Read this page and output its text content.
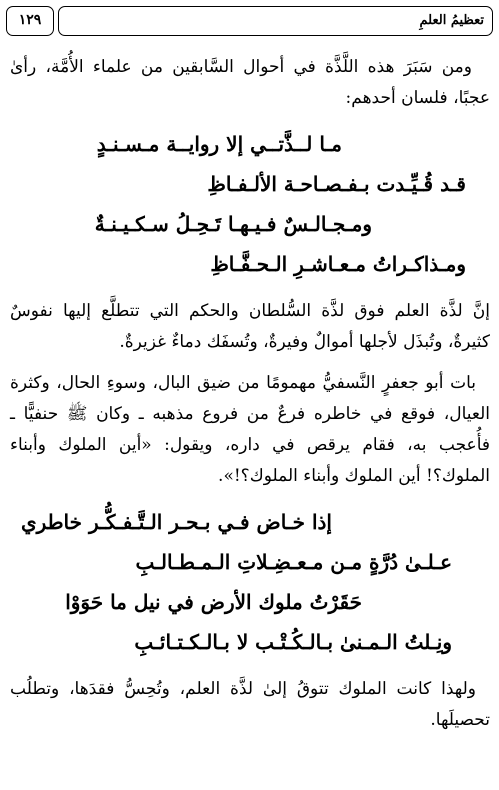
١٢٩	تعظيمُ العلمِ

ومن سَبَرَ هذه اللَّذَّة في أحوال السَّابقين من علماء الأُمَّة، رأىٰ عجبًا، فلسان أحدهم:

مـا لــذَّتــي إلا روايــة مـسـنـدٍ
قـد قُـيِّـدت بـفـصـاحـة الألـفـاظِ
ومـجـالـسٌ فـيـهـا تَـحِـلُ سـكـيـنـةٌ
ومـذاكـراتُ مـعـاشـرِ الـحـفَّـاظِ

إنَّ لذَّة العلم فوق لذَّة السُّلطان والحكم التي تتطلَّع إليها نفوسٌ كثيرةٌ، وتُبذَل لأجلها أموالٌ وفيرةٌ، وتُسفَك دماءٌ غزيرةٌ.

بات أبو جعفرٍ النَّسفيُّ مهمومًا من ضيق البال، وسوءِ الحال، وكثرة العيال، فوقع في خاطره فرعٌ من فروع مذهبه ـ وكان ﷺ حنفيًّا ـ فأُعجب به، فقام يرقص في داره، ويقول: «أين الملوك وأبناء الملوك؟! أين الملوك وأبناء الملوك؟!».

إذا خـاض فـي بـحـر الـتَّـفـكُّـر خاطري
عـلـىٰ دُرَّةٍ مـن مـعـضِـلاتِ الـمـطـالـبِ
حَقَرْتُ ملوك الأرض في نيل ما حَوَوْا
ونِـلتُ الـمـنىٰ بـالـكُـتْـب لا بـالـكـتـائـبِ

ولهذا كانت الملوك تتوقُ إلىٰ لذَّة العلم، وتُحِسُّ فقدَها، وتطلُب تحصيلَها.
